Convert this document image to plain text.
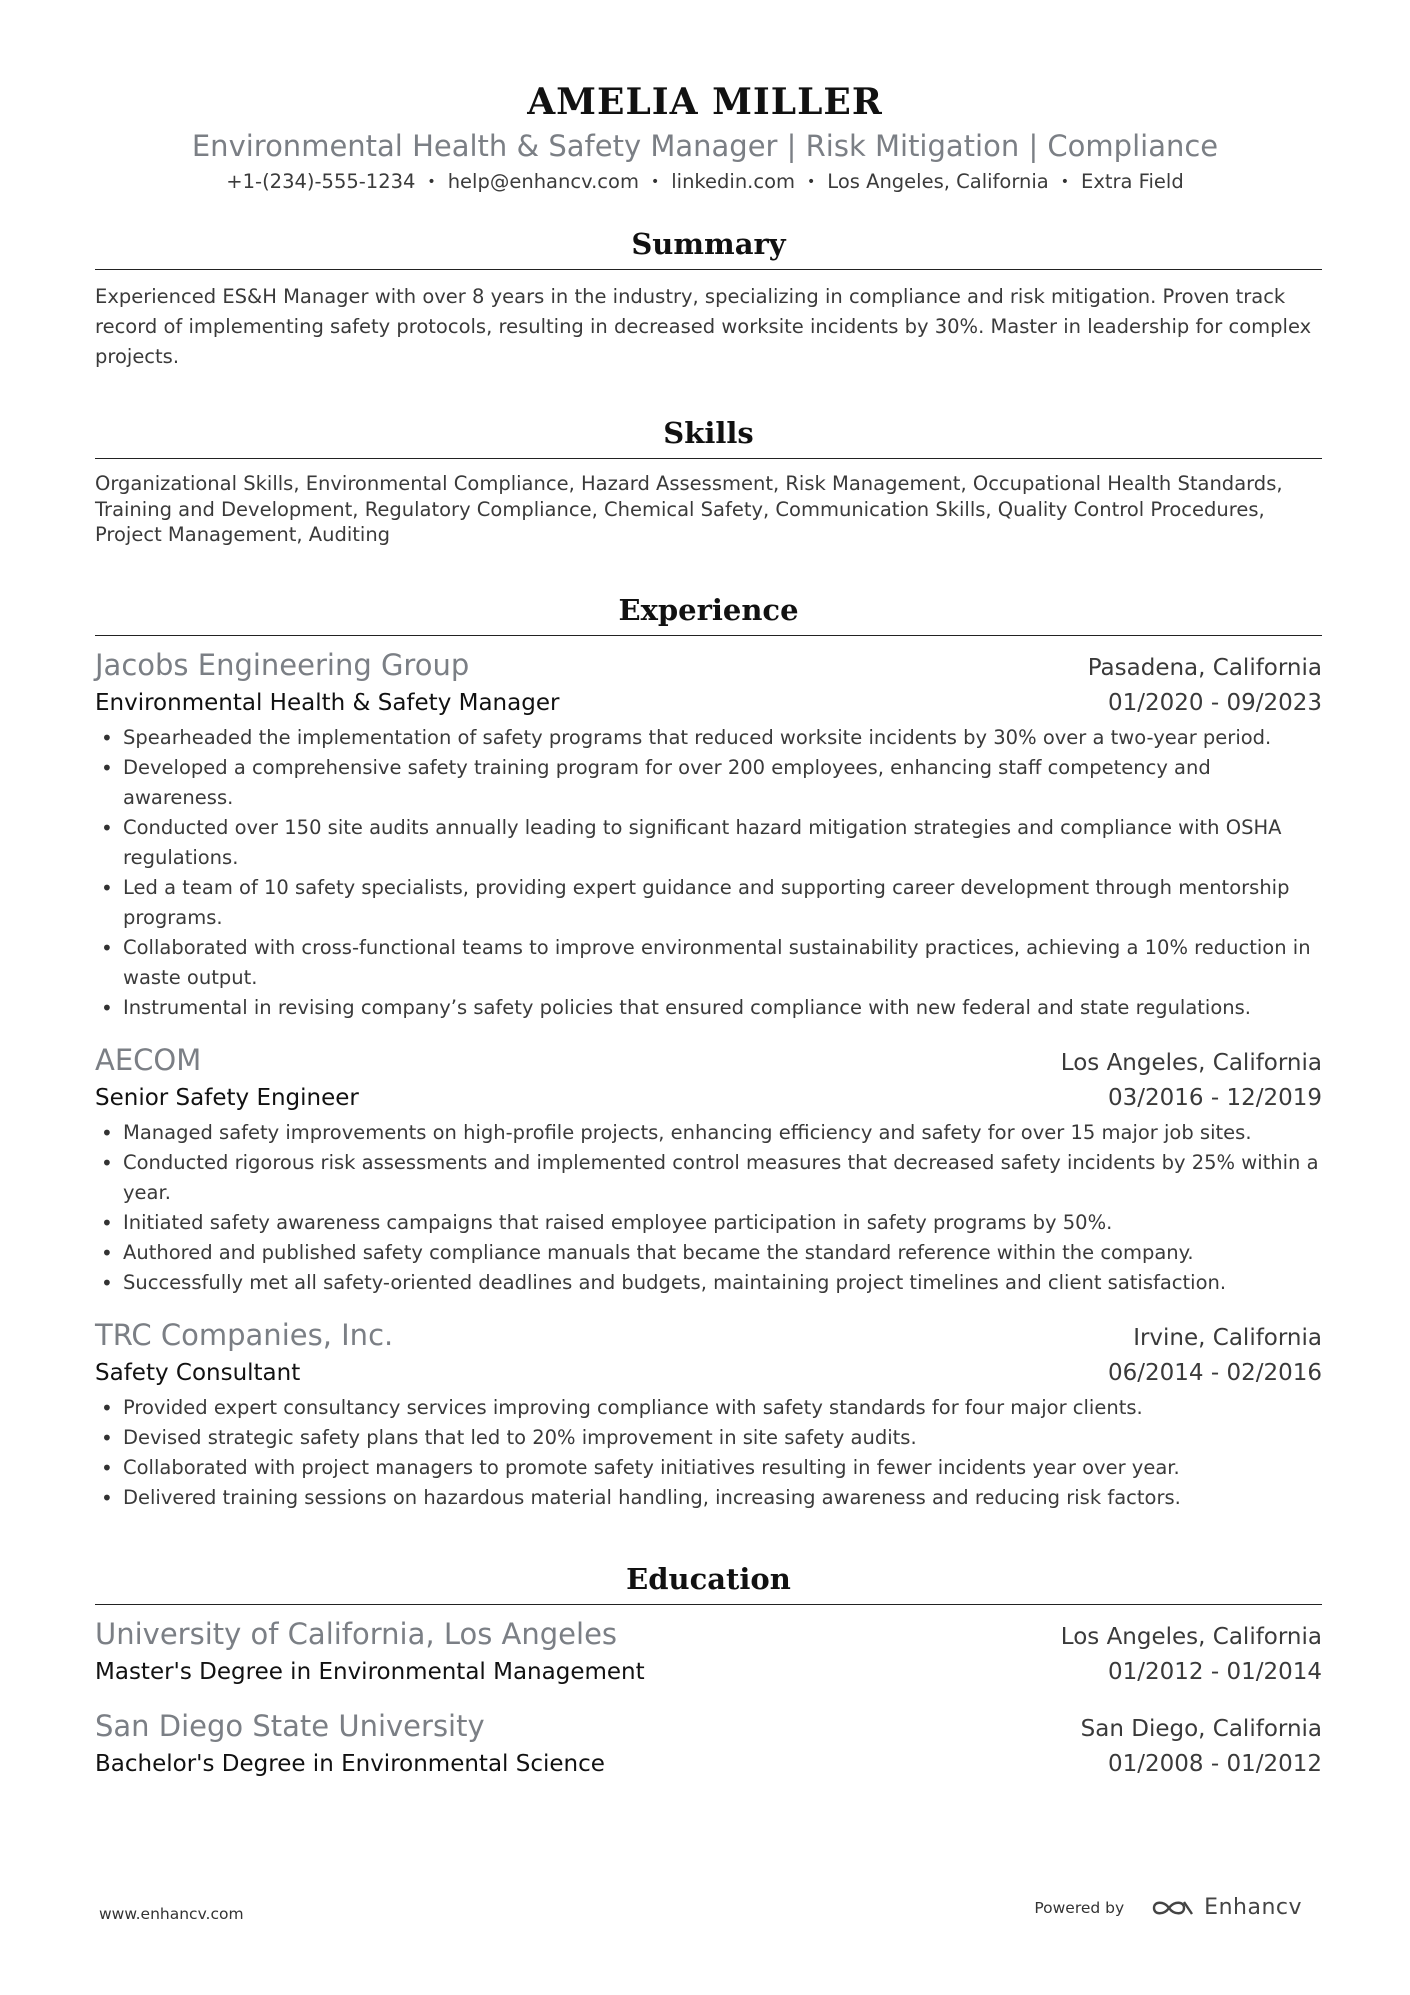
AMELIA MILLER
Environmental Health & Safety Manager | Risk Mitigation | Compliance
+1-(234)-555-1234 • help@enhancv.com • linkedin.com • Los Angeles, California • Extra Field
Summary
Experienced ES&H Manager with over 8 years in the industry, specializing in compliance and risk mitigation. Proven track record of implementing safety protocols, resulting in decreased worksite incidents by 30%. Master in leadership for complex projects.
Skills
Organizational Skills, Environmental Compliance, Hazard Assessment, Risk Management, Occupational Health Standards, Training and Development, Regulatory Compliance, Chemical Safety, Communication Skills, Quality Control Procedures, Project Management, Auditing
Experience
Jacobs Engineering Group	Pasadena, California
Environmental Health & Safety Manager	01/2020 - 09/2023
• Spearheaded the implementation of safety programs that reduced worksite incidents by 30% over a two-year period.
• Developed a comprehensive safety training program for over 200 employees, enhancing staff competency and awareness.
• Conducted over 150 site audits annually leading to significant hazard mitigation strategies and compliance with OSHA regulations.
• Led a team of 10 safety specialists, providing expert guidance and supporting career development through mentorship programs.
• Collaborated with cross-functional teams to improve environmental sustainability practices, achieving a 10% reduction in waste output.
• Instrumental in revising company’s safety policies that ensured compliance with new federal and state regulations.
AECOM	Los Angeles, California
Senior Safety Engineer	03/2016 - 12/2019
• Managed safety improvements on high-profile projects, enhancing efficiency and safety for over 15 major job sites.
• Conducted rigorous risk assessments and implemented control measures that decreased safety incidents by 25% within a year.
• Initiated safety awareness campaigns that raised employee participation in safety programs by 50%.
• Authored and published safety compliance manuals that became the standard reference within the company.
• Successfully met all safety-oriented deadlines and budgets, maintaining project timelines and client satisfaction.
TRC Companies, Inc.	Irvine, California
Safety Consultant	06/2014 - 02/2016
• Provided expert consultancy services improving compliance with safety standards for four major clients.
• Devised strategic safety plans that led to 20% improvement in site safety audits.
• Collaborated with project managers to promote safety initiatives resulting in fewer incidents year over year.
• Delivered training sessions on hazardous material handling, increasing awareness and reducing risk factors.
Education
University of California, Los Angeles	Los Angeles, California
Master's Degree in Environmental Management	01/2012 - 01/2014
San Diego State University	San Diego, California
Bachelor's Degree in Environmental Science	01/2008 - 01/2012
www.enhancv.com	Powered by	Enhancv
